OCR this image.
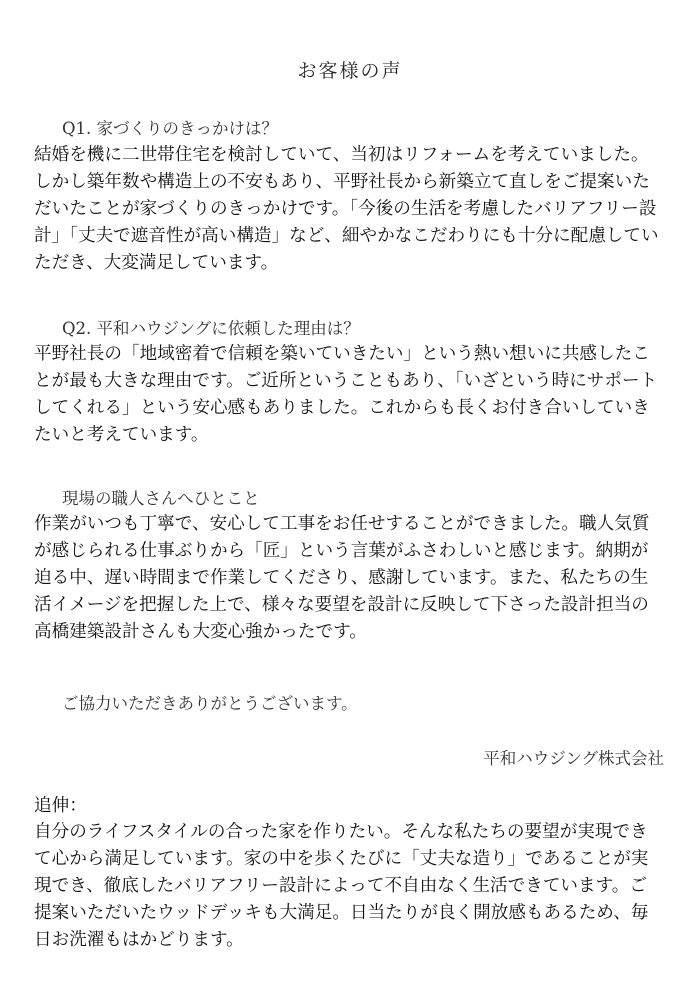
お客様の声
Q1. 家づくりのきっかけは？
結婚を機に二世帯住宅を検討していて、当初はリフォームを考えていました。
しかし築年数や構造上の不安もあり、平野社長から新築立て直しをご提案いた
だいたことが家づくりのきっかけです。「今後の生活を考慮したバリアフリー設
計」「丈夫で遮音性が高い構造」など、細やかなこだわりにも十分に配慮してい
ただき、大変満足しています。
Q2. 平和ハウジングに依頼した理由は？
平野社長の「地域密着で信頼を築いていきたい」という熱い想いに共感したこ
とが最も大きな理由です。ご近所ということもあり、「いざという時にサポート
してくれる」という安心感もありました。これからも長くお付き合いしていき
たいと考えています。
現場の職人さんへひとこと
作業がいつも丁寧で、安心して工事をお任せすることができました。職人気質
が感じられる仕事ぶりから「匠」という言葉がふさわしいと感じます。納期が
迫る中、遅い時間まで作業してくださり、感謝しています。また、私たちの生
活イメージを把握した上で、様々な要望を設計に反映して下さった設計担当の
高橋建築設計さんも大変心強かったです。
ご協力いただきありがとうございます。
平和ハウジング株式会社
追伸：
自分のライフスタイルの合った家を作りたい。そんな私たちの要望が実現でき
て心から満足しています。家の中を歩くたびに「丈夫な造り」であることが実
現でき、徹底したバリアフリー設計によって不自由なく生活できています。ご
提案いただいたウッドデッキも大満足。日当たりが良く開放感もあるため、毎
日お洗濯もはかどります。
